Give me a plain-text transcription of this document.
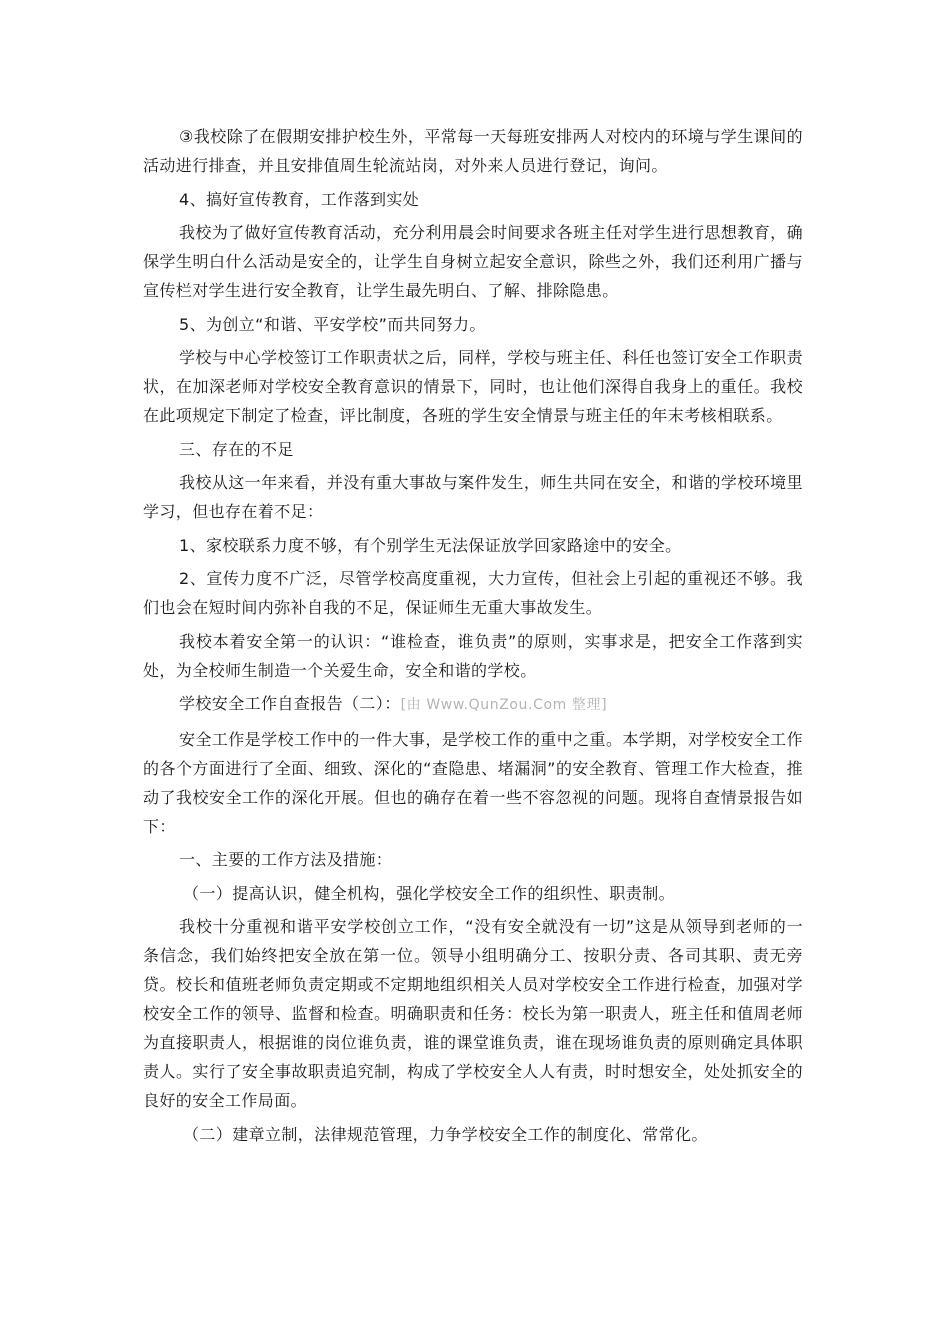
③我校除了在假期安排护校生外，平常每一天每班安排两人对校内的环境与学生课间的活动进行排查，并且安排值周生轮流站岗，对外来人员进行登记，询问。

4、搞好宣传教育，工作落到实处

我校为了做好宣传教育活动，充分利用晨会时间要求各班主任对学生进行思想教育，确保学生明白什么活动是安全的，让学生自身树立起安全意识，除些之外，我们还利用广播与宣传栏对学生进行安全教育，让学生最先明白、了解、排除隐患。

5、为创立“和谐、平安学校”而共同努力。

学校与中心学校签订工作职责状之后，同样，学校与班主任、科任也签订安全工作职责状，在加深老师对学校安全教育意识的情景下，同时，也让他们深得自我身上的重任。我校在此项规定下制定了检查，评比制度，各班的学生安全情景与班主任的年末考核相联系。

三、存在的不足

我校从这一年来看，并没有重大事故与案件发生，师生共同在安全，和谐的学校环境里学习，但也存在着不足：

1、家校联系力度不够，有个别学生无法保证放学回家路途中的安全。

2、宣传力度不广泛，尽管学校高度重视，大力宣传，但社会上引起的重视还不够。我们也会在短时间内弥补自我的不足，保证师生无重大事故发生。

我校本着安全第一的认识：“谁检查，谁负责”的原则，实事求是，把安全工作落到实处，为全校师生制造一个关爱生命，安全和谐的学校。

学校安全工作自查报告（二）：[由 Www.QunZou.Com 整理]

安全工作是学校工作中的一件大事，是学校工作的重中之重。本学期，对学校安全工作的各个方面进行了全面、细致、深化的“查隐患、堵漏洞”的安全教育、管理工作大检查，推动了我校安全工作的深化开展。但也的确存在着一些不容忽视的问题。现将自查情景报告如下：

一、主要的工作方法及措施：

（一）提高认识，健全机构，强化学校安全工作的组织性、职责制。

我校十分重视和谐平安学校创立工作，“没有安全就没有一切”这是从领导到老师的一条信念，我们始终把安全放在第一位。领导小组明确分工、按职分责、各司其职、责无旁贷。校长和值班老师负责定期或不定期地组织相关人员对学校安全工作进行检查，加强对学校安全工作的领导、监督和检查。明确职责和任务：校长为第一职责人，班主任和值周老师为直接职责人，根据谁的岗位谁负责，谁的课堂谁负责，谁在现场谁负责的原则确定具体职责人。实行了安全事故职责追究制，构成了学校安全人人有责，时时想安全，处处抓安全的良好的安全工作局面。

（二）建章立制，法律规范管理，力争学校安全工作的制度化、常常化。
